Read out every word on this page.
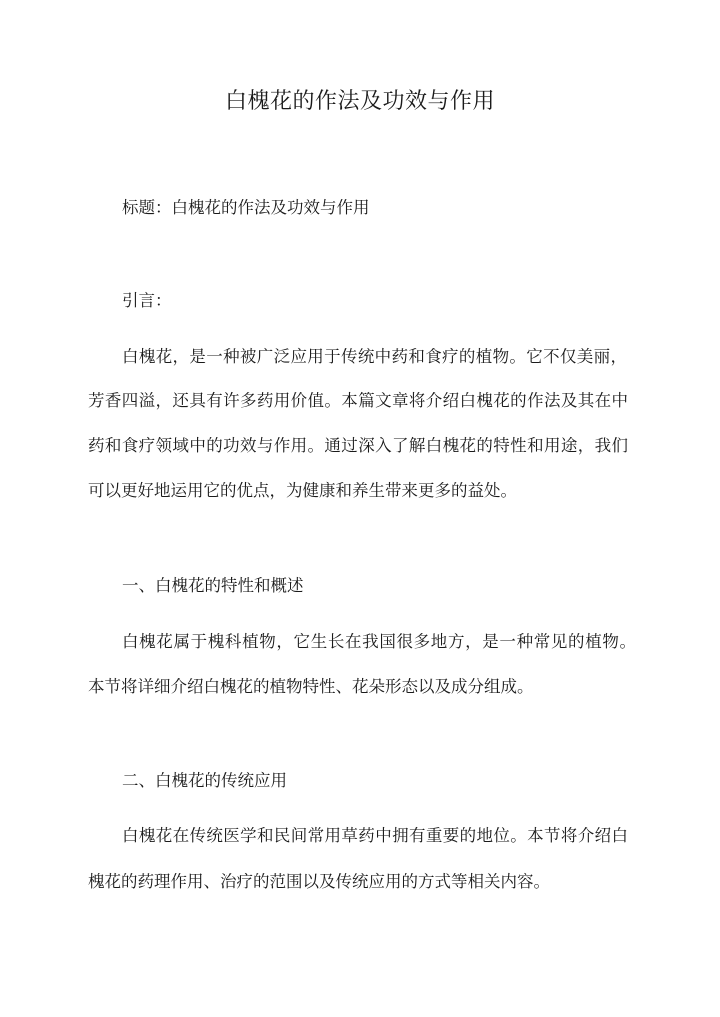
白槐花的作法及功效与作用
标题：白槐花的作法及功效与作用
引言：
白槐花，是一种被广泛应用于传统中药和食疗的植物。它不仅美丽，
芳香四溢，还具有许多药用价值。本篇文章将介绍白槐花的作法及其在中
药和食疗领域中的功效与作用。通过深入了解白槐花的特性和用途，我们
可以更好地运用它的优点，为健康和养生带来更多的益处。
一、白槐花的特性和概述
白槐花属于槐科植物，它生长在我国很多地方，是一种常见的植物。
本节将详细介绍白槐花的植物特性、花朵形态以及成分组成。
二、白槐花的传统应用
白槐花在传统医学和民间常用草药中拥有重要的地位。本节将介绍白
槐花的药理作用、治疗的范围以及传统应用的方式等相关内容。
